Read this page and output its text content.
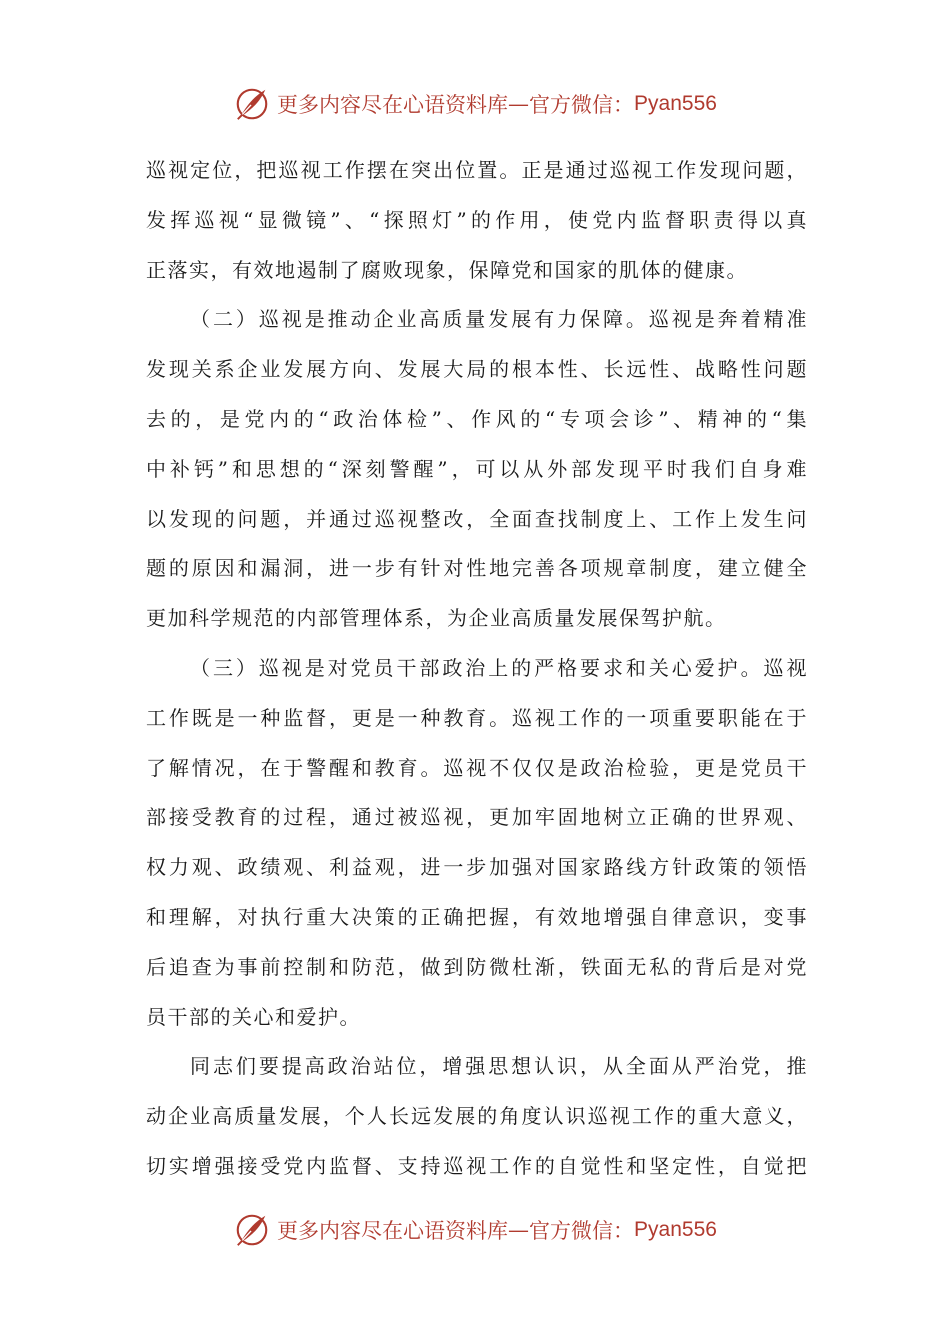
更多内容尽在心语资料库 — 官方微信： Pyan556
巡视定位，把巡视工作摆在突出位置。正是通过巡视工作发现问题，
发挥巡视“显微镜”、“探照灯”的作用，使党内监督职责得以真
正落实，有效地遏制了腐败现象，保障党和国家的肌体的健康。
（二）巡视是推动企业高质量发展有力保障。巡视是奔着精准
发现关系企业发展方向、发展大局的根本性、长远性、战略性问题
去的，是党内的“政治体检”、作风的“专项会诊”、精神的“集
中补钙”和思想的“深刻警醒”，可以从外部发现平时我们自身难
以发现的问题，并通过巡视整改，全面查找制度上、工作上发生问
题的原因和漏洞，进一步有针对性地完善各项规章制度，建立健全
更加科学规范的内部管理体系，为企业高质量发展保驾护航。
（三）巡视是对党员干部政治上的严格要求和关心爱护。巡视
工作既是一种监督，更是一种教育。巡视工作的一项重要职能在于
了解情况，在于警醒和教育。巡视不仅仅是政治检验，更是党员干
部接受教育的过程，通过被巡视，更加牢固地树立正确的世界观、
权力观、政绩观、利益观，进一步加强对国家路线方针政策的领悟
和理解，对执行重大决策的正确把握，有效地增强自律意识，变事
后追查为事前控制和防范，做到防微杜渐，铁面无私的背后是对党
员干部的关心和爱护。
同志们要提高政治站位，增强思想认识，从全面从严治党，推
动企业高质量发展，个人长远发展的角度认识巡视工作的重大意义，
切实增强接受党内监督、支持巡视工作的自觉性和坚定性，自觉把
更多内容尽在心语资料库 — 官方微信： Pyan556
